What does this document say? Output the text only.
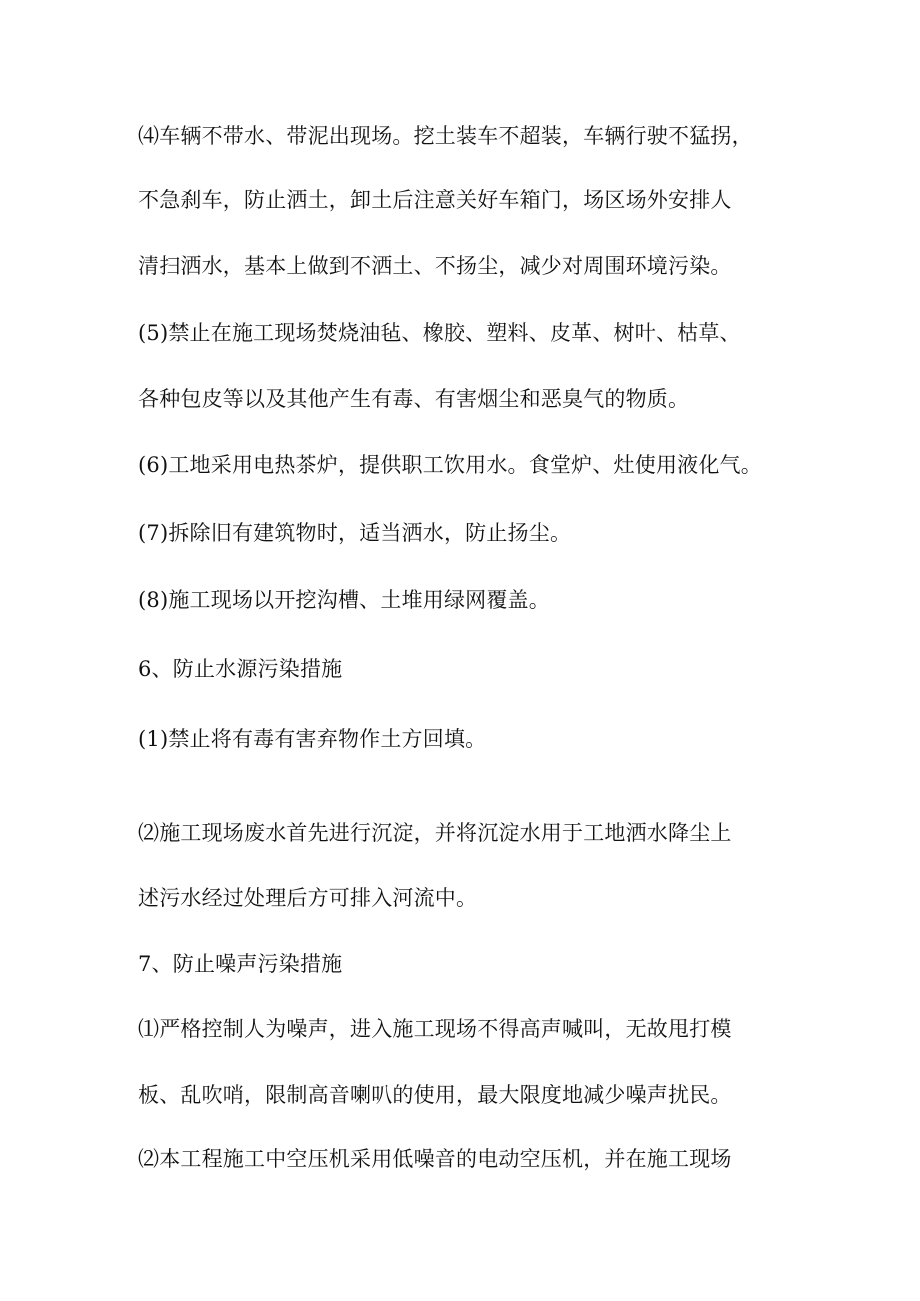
⑷车辆不带水、带泥出现场。挖土装车不超装，车辆行驶不猛拐，
不急刹车，防止洒土，卸土后注意关好车箱门，场区场外安排人
清扫洒水，基本上做到不洒土、不扬尘，减少对周围环境污染。
(5)禁止在施工现场焚烧油毡、橡胶、塑料、皮革、树叶、枯草、
各种包皮等以及其他产生有毒、有害烟尘和恶臭气的物质。
(6)工地采用电热茶炉，提供职工饮用水。食堂炉、灶使用液化气。
(7)拆除旧有建筑物时，适当洒水，防止扬尘。
(8)施工现场以开挖沟槽、土堆用绿网覆盖。
6、防止水源污染措施
(1)禁止将有毒有害弃物作土方回填。
⑵施工现场废水首先进行沉淀，并将沉淀水用于工地洒水降尘上
述污水经过处理后方可排入河流中。
7、防止噪声污染措施
⑴严格控制人为噪声，进入施工现场不得高声喊叫，无故甩打模
板、乱吹哨，限制高音喇叭的使用，最大限度地减少噪声扰民。
⑵本工程施工中空压机采用低噪音的电动空压机，并在施工现场
